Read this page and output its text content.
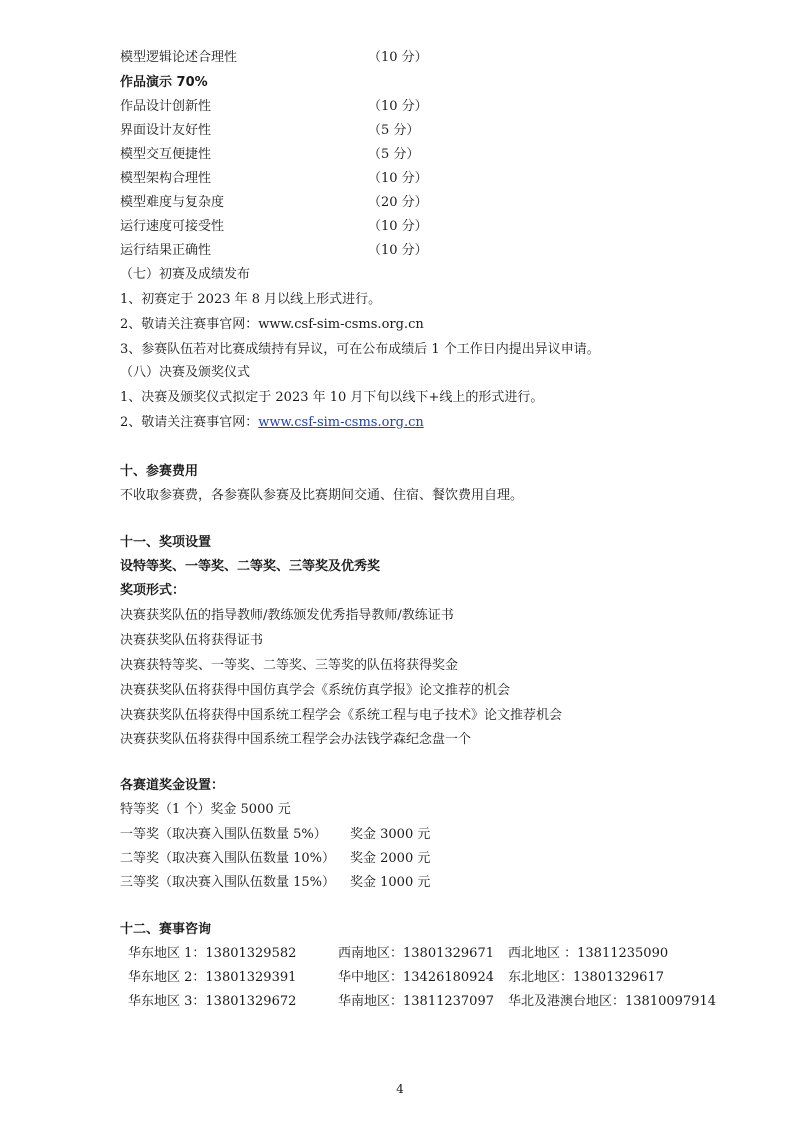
模型逻辑论述合理性	（10 分）
作品演示 70%
作品设计创新性	（10 分）
界面设计友好性	（5 分）
模型交互便捷性	（5 分）
模型架构合理性	（10 分）
模型难度与复杂度	（20 分）
运行速度可接受性	（10 分）
运行结果正确性	（10 分）
（七）初赛及成绩发布
1、初赛定于 2023 年 8 月以线上形式进行。
2、敬请关注赛事官网：www.csf-sim-csms.org.cn
3、参赛队伍若对比赛成绩持有异议，可在公布成绩后 1 个工作日内提出异议申请。
（八）决赛及颁奖仪式
1、决赛及颁奖仪式拟定于 2023 年 10 月下旬以线下+线上的形式进行。
2、敬请关注赛事官网：www.csf-sim-csms.org.cn
十、参赛费用
不收取参赛费，各参赛队参赛及比赛期间交通、住宿、餐饮费用自理。
十一、奖项设置
设特等奖、一等奖、二等奖、三等奖及优秀奖
奖项形式：
决赛获奖队伍的指导教师/教练颁发优秀指导教师/教练证书
决赛获奖队伍将获得证书
决赛获特等奖、一等奖、二等奖、三等奖的队伍将获得奖金
决赛获奖队伍将获得中国仿真学会《系统仿真学报》论文推荐的机会
决赛获奖队伍将获得中国系统工程学会《系统工程与电子技术》论文推荐机会
决赛获奖队伍将获得中国系统工程学会办法钱学森纪念盘一个
各赛道奖金设置：
特等奖（1 个）奖金 5000 元
一等奖（取决赛入围队伍数量 5%） 奖金 3000 元
二等奖（取决赛入围队伍数量 10%） 奖金 2000 元
三等奖（取决赛入围队伍数量 15%） 奖金 1000 元
十二、赛事咨询
华东地区 1：13801329582	西南地区：13801329671 西北地区 ：13811235090
华东地区 2：13801329391	华中地区：13426180924 东北地区：13801329617
华东地区 3：13801329672	华南地区：13811237097 华北及港澳台地区：13810097914
4
